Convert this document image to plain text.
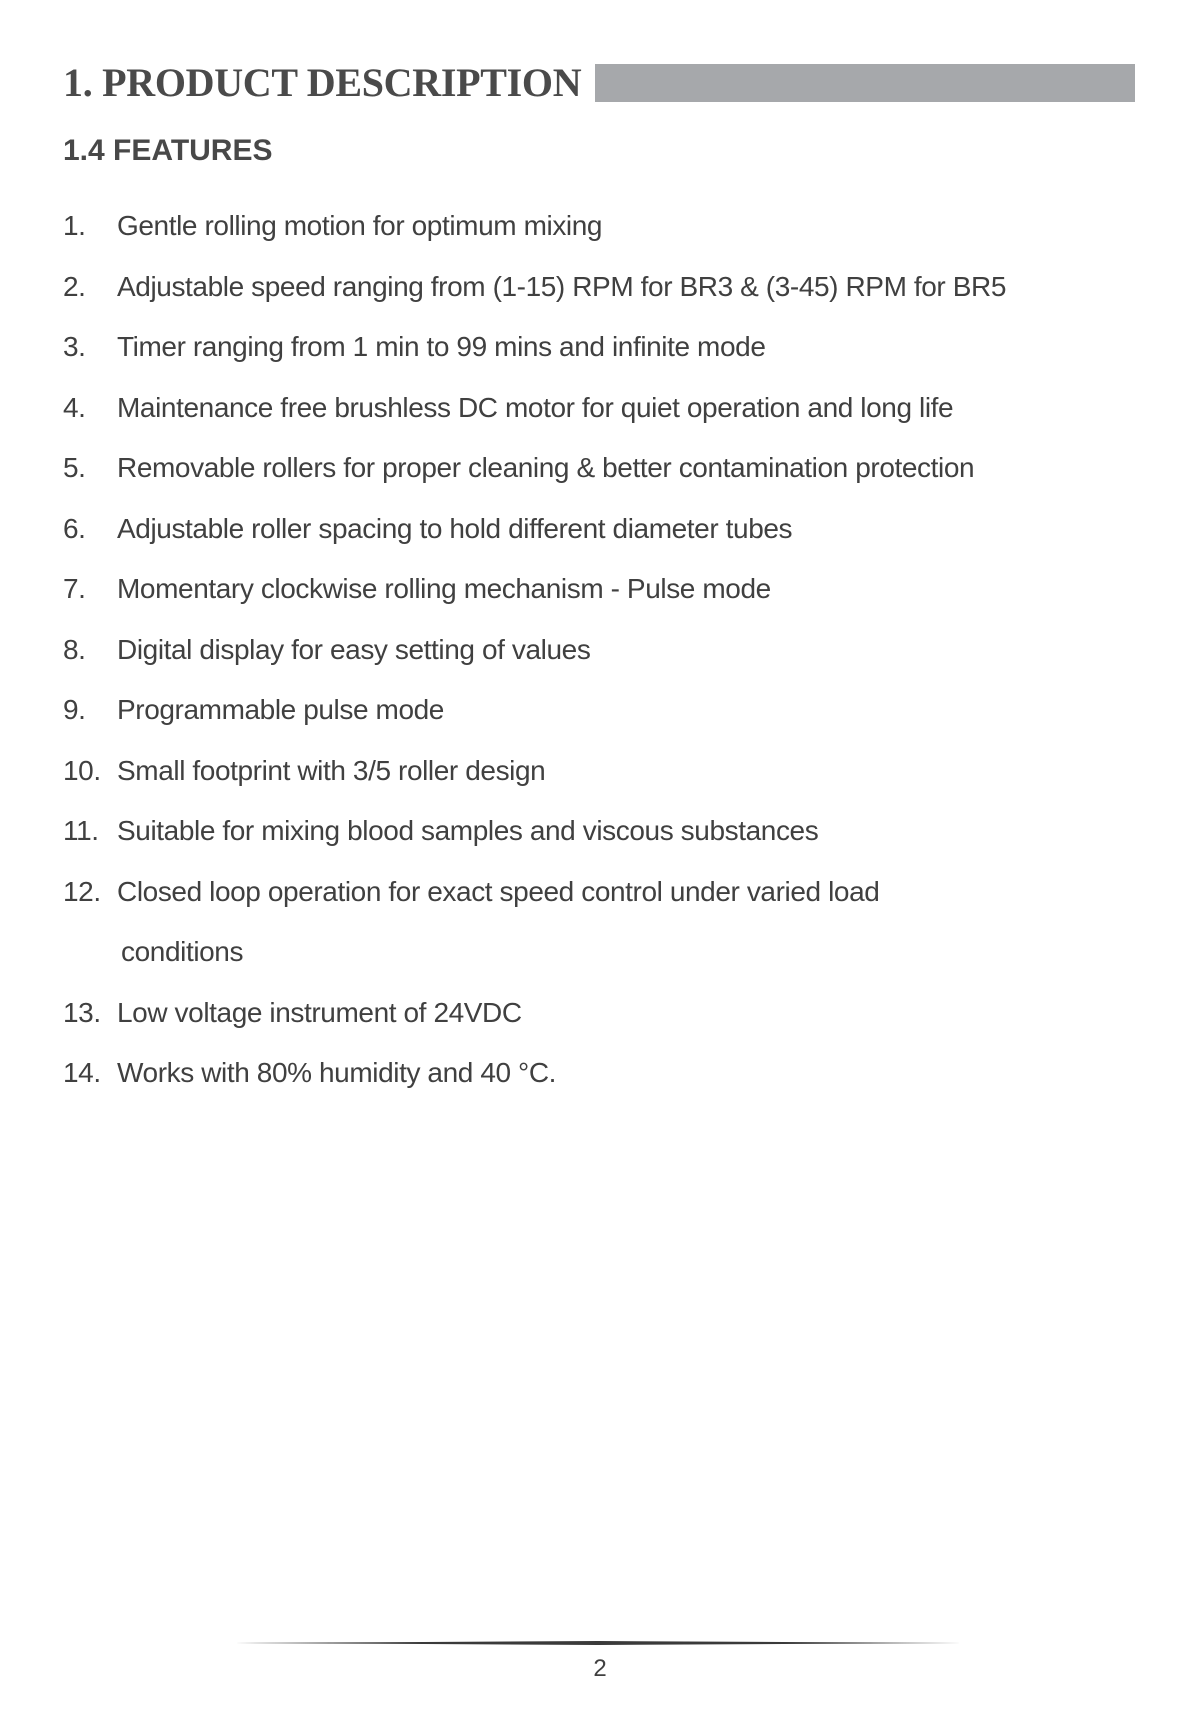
1. PRODUCT DESCRIPTION
1.4 FEATURES
1.	Gentle rolling motion for optimum mixing
2.	Adjustable speed ranging from (1-15) RPM for BR3 & (3-45) RPM for BR5
3.	Timer ranging from 1 min to 99 mins and infinite mode
4.	Maintenance free brushless DC motor for quiet operation and long life
5.	Removable rollers for proper cleaning & better contamination protection
6.	Adjustable roller spacing to hold different diameter tubes
7.	Momentary clockwise rolling mechanism - Pulse mode
8.	Digital display for easy setting of values
9.	Programmable pulse mode
10. Small footprint with 3/5 roller design
11. Suitable for mixing blood samples and viscous substances
12. Closed loop operation for exact speed control under varied load
conditions
13. Low voltage instrument of 24VDC
14. Works with 80% humidity and 40 °C.
2
